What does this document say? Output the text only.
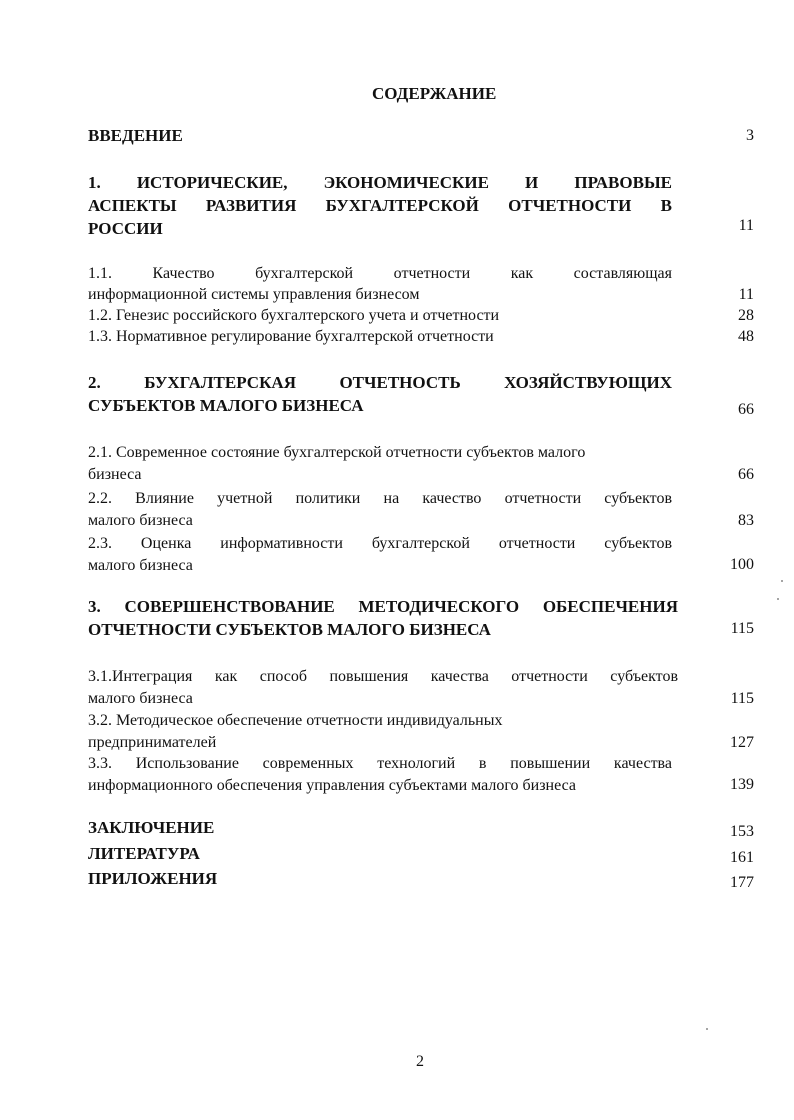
СОДЕРЖАНИЕ
ВВЕДЕНИЕ	3
1. ИСТОРИЧЕСКИЕ, ЭКОНОМИЧЕСКИЕ И ПРАВОВЫЕ
АСПЕКТЫ РАЗВИТИЯ БУХГАЛТЕРСКОЙ ОТЧЕТНОСТИ В
РОССИИ	11
1.1. Качество бухгалтерской отчетности как составляющая
информационной системы управления бизнесом	11
1.2. Генезис российского бухгалтерского учета и отчетности	28
1.3. Нормативное регулирование бухгалтерской отчетности	48
2. БУХГАЛТЕРСКАЯ ОТЧЕТНОСТЬ ХОЗЯЙСТВУЮЩИХ
СУБЪЕКТОВ МАЛОГО БИЗНЕСА	66
2.1. Современное состояние бухгалтерской отчетности субъектов малого
бизнеса	66
2.2. Влияние учетной политики на качество отчетности субъектов
малого бизнеса	83
2.3. Оценка информативности бухгалтерской отчетности субъектов
малого бизнеса	100
3. СОВЕРШЕНСТВОВАНИЕ МЕТОДИЧЕСКОГО ОБЕСПЕЧЕНИЯ
ОТЧЕТНОСТИ СУБЪЕКТОВ МАЛОГО БИЗНЕСА	115
3.1.Интеграция как способ повышения качества отчетности субъектов
малого бизнеса	115
3.2. Методическое обеспечение отчетности индивидуальных
предпринимателей	127
3.3. Использование современных технологий в повышении качества
информационного обеспечения управления субъектами малого бизнеса	139
ЗАКЛЮЧЕНИЕ	153
ЛИТЕРАТУРА	161
ПРИЛОЖЕНИЯ	177
2
